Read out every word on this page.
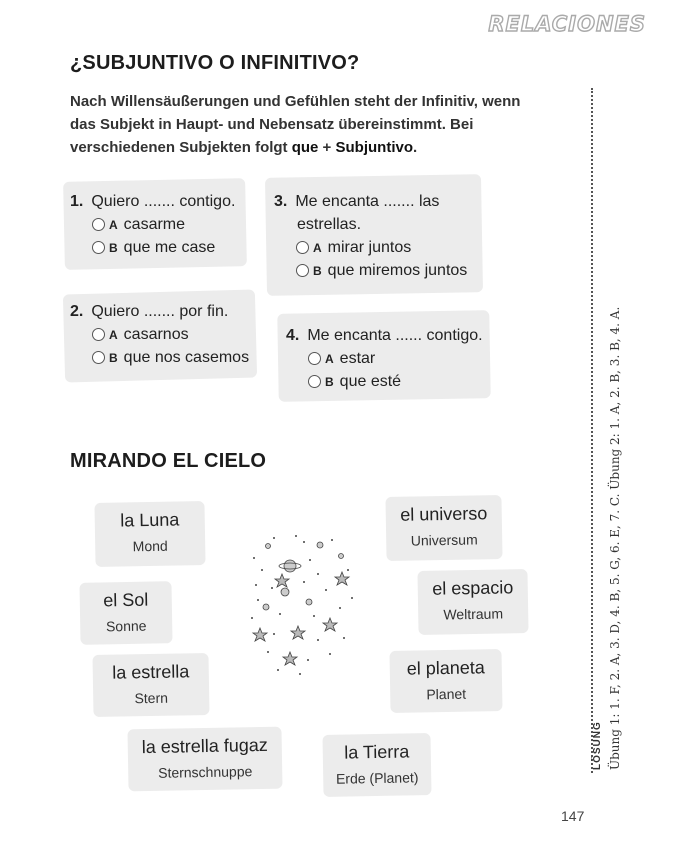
RELACIONES
¿SUBJUNTIVO O INFINITIVO?
Nach Willensäußerungen und Gefühlen steht der Infinitiv, wenn das Subjekt in Haupt- und Nebensatz übereinstimmt. Bei verschiedenen Subjekten folgt que + Subjuntivo.
1. Quiero ....... contigo.
A casarme
B que me case
3. Me encanta ....... las
estrellas.
A mirar juntos
B que miremos juntos
2. Quiero ....... por fin.
A casarnos
B que nos casemos
4. Me encanta ...... contigo.
A estar
B que esté
MIRANDO EL CIELO
la Luna
Mond
el Sol
Sonne
la estrella
Stern
la estrella fugaz
Sternschnuppe
el universo
Universum
el espacio
Weltraum
el planeta
Planet
la Tierra
Erde (Planet)
LÖSUNG Übung 1: 1. F, 2. A, 3. D, 4. B, 5. G, 6. E, 7. C. Übung 2: 1. A, 2. B, 3. B, 4. A.
147
